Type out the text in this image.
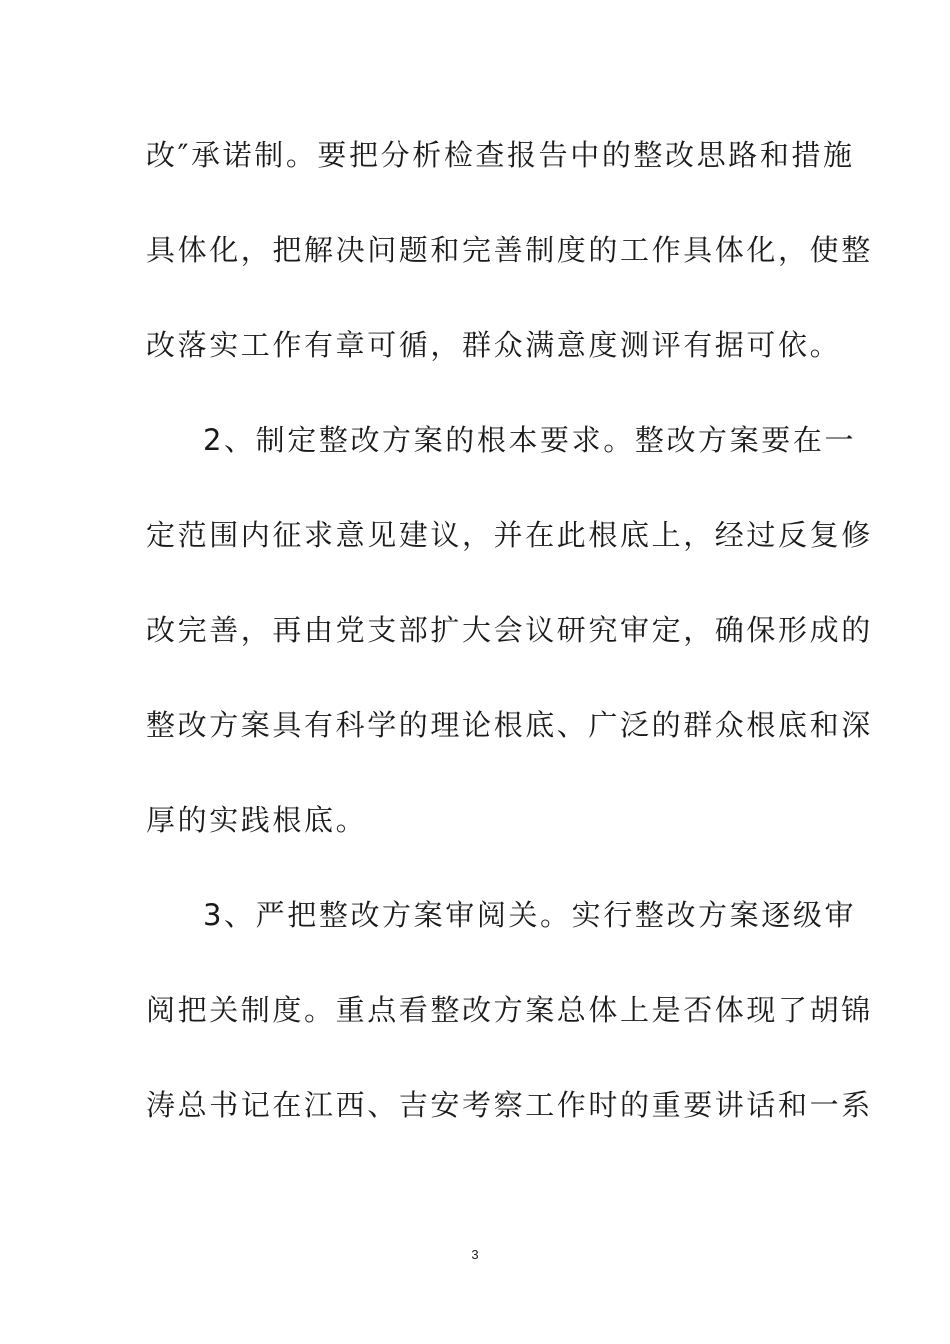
改″承诺制。要把分析检查报告中的整改思路和措施
具体化，把解决问题和完善制度的工作具体化，使整
改落实工作有章可循，群众满意度测评有据可依。
2、制定整改方案的根本要求。整改方案要在一
定范围内征求意见建议，并在此根底上，经过反复修
改完善，再由党支部扩大会议研究审定，确保形成的
整改方案具有科学的理论根底、广泛的群众根底和深
厚的实践根底。
3、严把整改方案审阅关。实行整改方案逐级审
阅把关制度。重点看整改方案总体上是否体现了胡锦
涛总书记在江西、吉安考察工作时的重要讲话和一系
3
